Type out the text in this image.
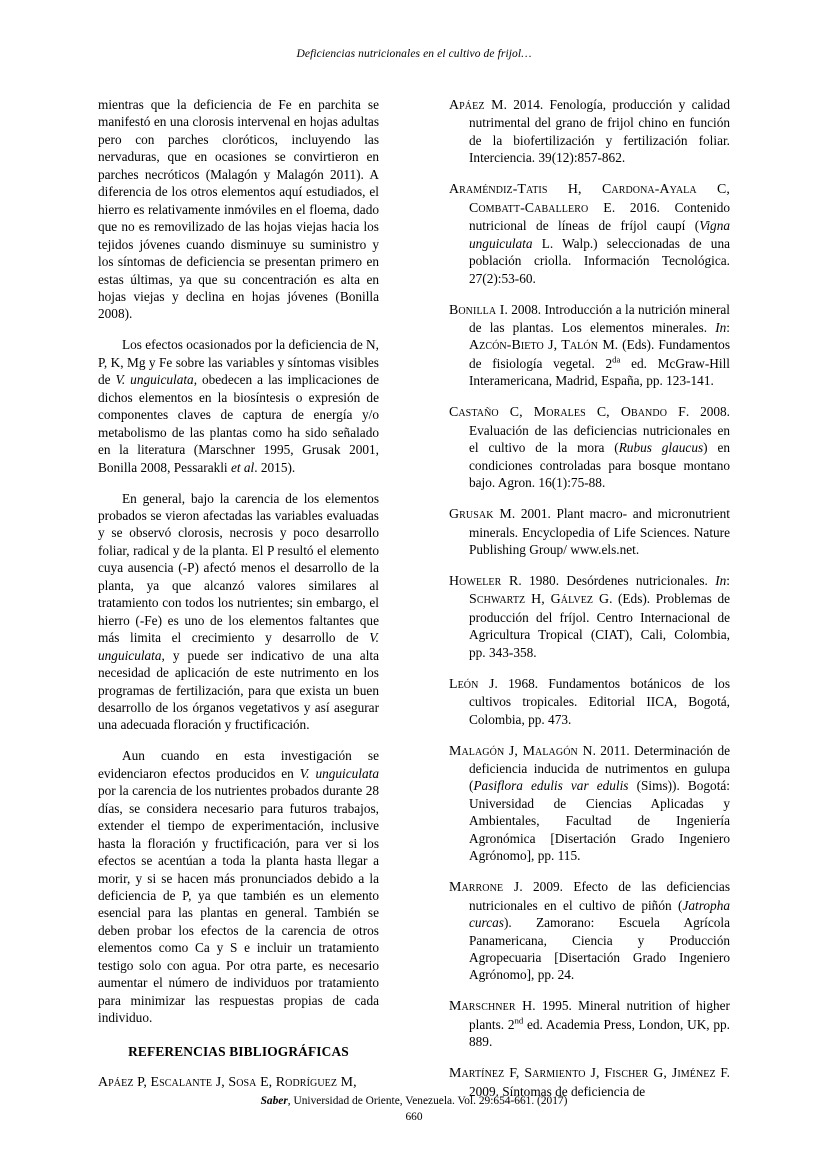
Deficiencias nutricionales en el cultivo de frijol…

mientras que la deficiencia de Fe en parchita se manifestó en una clorosis intervenal en hojas adultas pero con parches cloróticos, incluyendo las nervaduras, que en ocasiones se convirtieron en parches necróticos (Malagón y Malagón 2011). A diferencia de los otros elementos aquí estudiados, el hierro es relativamente inmóviles en el floema, dado que no es removilizado de las hojas viejas hacia los tejidos jóvenes cuando disminuye su suministro y los síntomas de deficiencia se presentan primero en estas últimas, ya que su concentración es alta en hojas viejas y declina en hojas jóvenes (Bonilla 2008).

Los efectos ocasionados por la deficiencia de N, P, K, Mg y Fe sobre las variables y síntomas visibles de V. unguiculata, obedecen a las implicaciones de dichos elementos en la biosíntesis o expresión de componentes claves de captura de energía y/o metabolismo de las plantas como ha sido señalado en la literatura (Marschner 1995, Grusak 2001, Bonilla 2008, Pessarakli et al. 2015).

En general, bajo la carencia de los elementos probados se vieron afectadas las variables evaluadas y se observó clorosis, necrosis y poco desarrollo foliar, radical y de la planta. El P resultó el elemento cuya ausencia (-P) afectó menos el desarrollo de la planta, ya que alcanzó valores similares al tratamiento con todos los nutrientes; sin embargo, el hierro (-Fe) es uno de los elementos faltantes que más limita el crecimiento y desarrollo de V. unguiculata, y puede ser indicativo de una alta necesidad de aplicación de este nutrimento en los programas de fertilización, para que exista un buen desarrollo de los órganos vegetativos y así asegurar una adecuada floración y fructificación.

Aun cuando en esta investigación se evidenciaron efectos producidos en V. unguiculata por la carencia de los nutrientes probados durante 28 días, se considera necesario para futuros trabajos, extender el tiempo de experimentación, inclusive hasta la floración y fructificación, para ver si los efectos se acentúan a toda la planta hasta llegar a morir, y si se hacen más pronunciados debido a la deficiencia de P, ya que también es un elemento esencial para las plantas en general. También se deben probar los efectos de la carencia de otros elementos como Ca y S e incluir un tratamiento testigo solo con agua. Por otra parte, es necesario aumentar el número de individuos por tratamiento para minimizar las respuestas propias de cada individuo.

REFERENCIAS BIBLIOGRÁFICAS

Apáez P, Escalante J, Sosa E, Rodríguez M,

Apáez M. 2014. Fenología, producción y calidad nutrimental del grano de frijol chino en función de la biofertilización y fertilización foliar. Interciencia. 39(12):857-862.

Araméndiz-Tatis H, Cardona-Ayala C, Combatt-Caballero E. 2016. Contenido nutricional de líneas de fríjol caupí (Vigna unguiculata L. Walp.) seleccionadas de una población criolla. Información Tecnológica. 27(2):53-60.

Bonilla I. 2008. Introducción a la nutrición mineral de las plantas. Los elementos minerales. In: Azcón-Bieto J, Talón M. (Eds). Fundamentos de fisiología vegetal. $2^{da}$ ed. McGraw-Hill Interamericana, Madrid, España, pp. 123-141.

Castaño C, Morales C, Obando F. 2008. Evaluación de las deficiencias nutricionales en el cultivo de la mora (Rubus glaucus) en condiciones controladas para bosque montano bajo. Agron. 16(1):75-88.

Grusak M. 2001. Plant macro- and micronutrient minerals. Encyclopedia of Life Sciences. Nature Publishing Group/ www.els.net.

Howeler R. 1980. Desórdenes nutricionales. In: Schwartz H, Gálvez G. (Eds). Problemas de producción del fríjol. Centro Internacional de Agricultura Tropical (CIAT), Cali, Colombia, pp. 343-358.

León J. 1968. Fundamentos botánicos de los cultivos tropicales. Editorial IICA, Bogotá, Colombia, pp. 473.

Malagón J, Malagón N. 2011. Determinación de deficiencia inducida de nutrimentos en gulupa (Pasiflora edulis var edulis (Sims)). Bogotá: Universidad de Ciencias Aplicadas y Ambientales, Facultad de Ingeniería Agronómica [Disertación Grado Ingeniero Agrónomo], pp. 115.

Marrone J. 2009. Efecto de las deficiencias nutricionales en el cultivo de piñón (Jatropha curcas). Zamorano: Escuela Agrícola Panamericana, Ciencia y Producción Agropecuaria [Disertación Grado Ingeniero Agrónomo], pp. 24.

Marschner H. 1995. Mineral nutrition of higher plants. 2nd ed. Academia Press, London, UK, pp. 889.

Martínez F, Sarmiento J, Fischer G, Jiménez F. 2009. Síntomas de deficiencia de

Saber, Universidad de Oriente, Venezuela. Vol. 29:654-661. (2017)
660
